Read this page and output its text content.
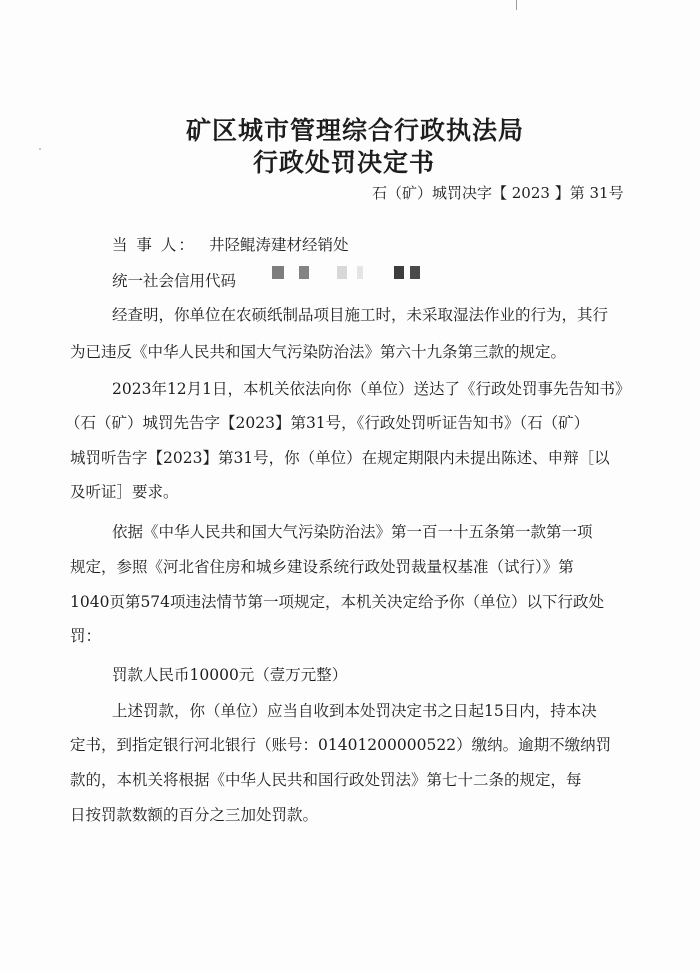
矿区城市管理综合行政执法局
行政处罚决定书
石（矿）城罚决字【 2023 】第 31号
当 事 人： 井陉鲲涛建材经销处
统一社会信用代码
经查明，你单位在农硕纸制品项目施工时，未采取湿法作业的行为，其行
为已违反《中华人民共和国大气污染防治法》第六十九条第三款的规定。
2023年12月1日，本机关依法向你（单位）送达了《行政处罚事先告知书》
（石（矿）城罚先告字【2023】第31号，《行政处罚听证告知书》（石（矿）
城罚听告字【2023】第31号，你（单位）在规定期限内未提出陈述、申辩［以
及听证］要求。
依据《中华人民共和国大气污染防治法》第一百一十五条第一款第一项
规定，参照《河北省住房和城乡建设系统行政处罚裁量权基准（试行）》第
1040页第574项违法情节第一项规定，本机关决定给予你（单位）以下行政处
罚：
罚款人民币10000元（壹万元整）
上述罚款，你（单位）应当自收到本处罚决定书之日起15日内，持本决
定书，到指定银行河北银行（账号：01401200000522）缴纳。逾期不缴纳罚
款的，本机关将根据《中华人民共和国行政处罚法》第七十二条的规定，每
日按罚款数额的百分之三加处罚款。
